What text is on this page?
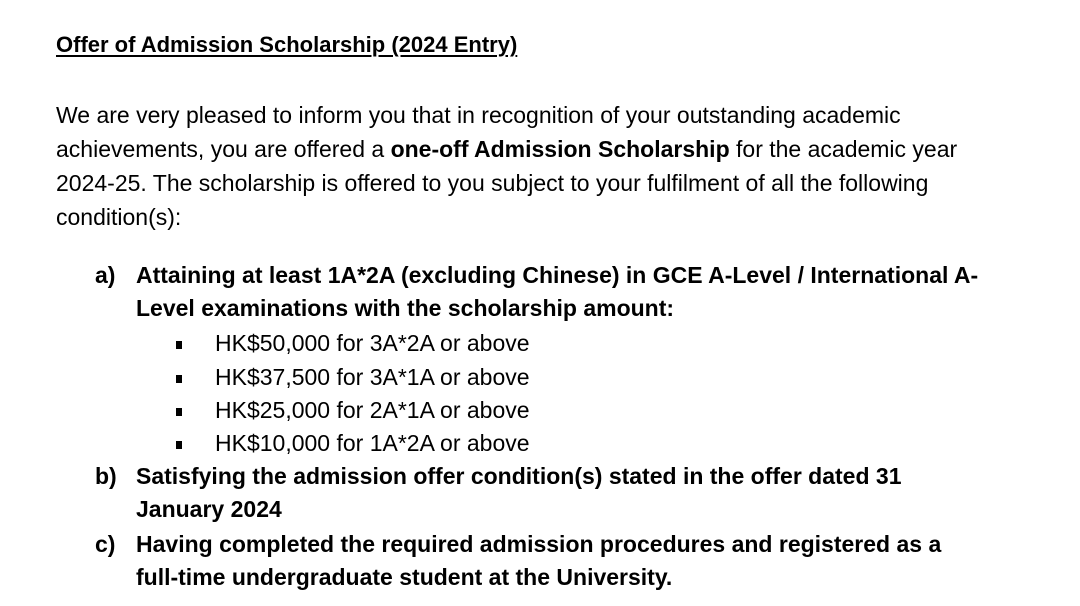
Offer of Admission Scholarship (2024 Entry)
We are very pleased to inform you that in recognition of your outstanding academic
achievements, you are offered a one-off Admission Scholarship for the academic year
2024-25. The scholarship is offered to you subject to your fulfilment of all the following
condition(s):
a) Attaining at least 1A*2A (excluding Chinese) in GCE A-Level / International A-
Level examinations with the scholarship amount:
HK$50,000 for 3A*2A or above
HK$37,500 for 3A*1A or above
HK$25,000 for 2A*1A or above
HK$10,000 for 1A*2A or above
b) Satisfying the admission offer condition(s) stated in the offer dated 31
January 2024
c) Having completed the required admission procedures and registered as a
full-time undergraduate student at the University.
